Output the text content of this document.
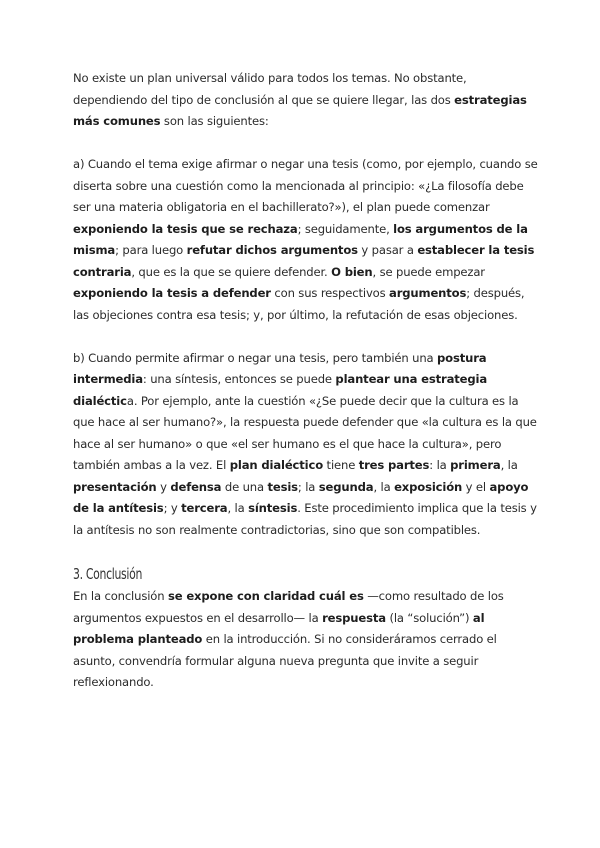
No existe un plan universal válido para todos los temas. No obstante, dependiendo del tipo de conclusión al que se quiere llegar, las dos estrategias más comunes son las siguientes:

a) Cuando el tema exige afirmar o negar una tesis (como, por ejemplo, cuando se diserta sobre una cuestión como la mencionada al principio: «¿La filosofía debe ser una materia obligatoria en el bachillerato?»), el plan puede comenzar exponiendo la tesis que se rechaza; seguidamente, los argumentos de la misma; para luego refutar dichos argumentos y pasar a establecer la tesis contraria, que es la que se quiere defender. O bien, se puede empezar exponiendo la tesis a defender con sus respectivos argumentos; después, las objeciones contra esa tesis; y, por último, la refutación de esas objeciones.

b) Cuando permite afirmar o negar una tesis, pero también una postura intermedia: una síntesis, entonces se puede plantear una estrategia dialéctica. Por ejemplo, ante la cuestión «¿Se puede decir que la cultura es la que hace al ser humano?», la respuesta puede defender que «la cultura es la que hace al ser humano» o que «el ser humano es el que hace la cultura», pero también ambas a la vez. El plan dialéctico tiene tres partes: la primera, la presentación y defensa de una tesis; la segunda, la exposición y el apoyo de la antítesis; y tercera, la síntesis. Este procedimiento implica que la tesis y la antítesis no son realmente contradictorias, sino que son compatibles.

3. Conclusión

En la conclusión se expone con claridad cuál es —como resultado de los argumentos expuestos en el desarrollo— la respuesta (la “solución”) al problema planteado en la introducción. Si no consideráramos cerrado el asunto, convendría formular alguna nueva pregunta que invite a seguir reflexionando.
